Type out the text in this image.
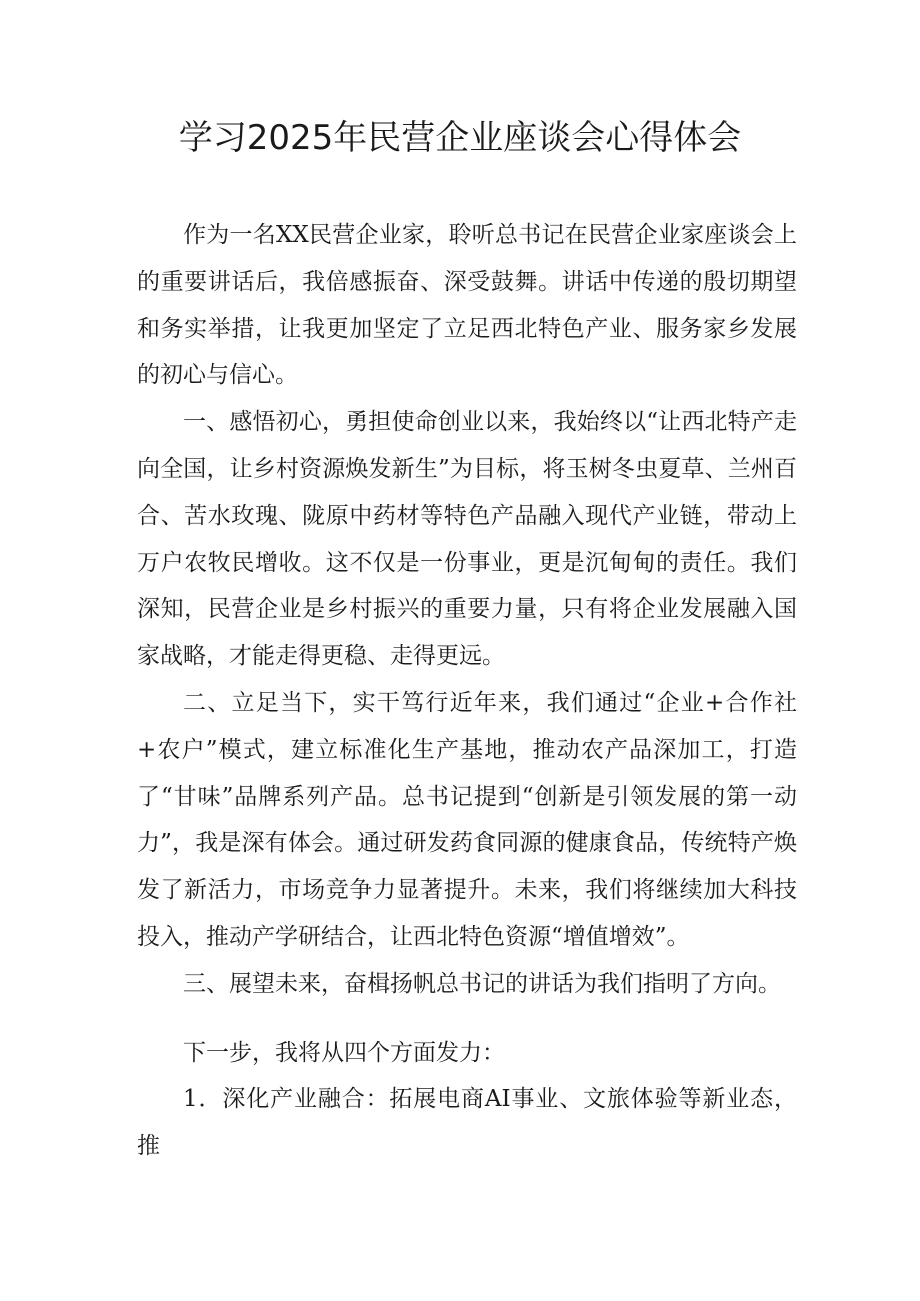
学习2025年民营企业座谈会心得体会

作为一名XX民营企业家，聆听总书记在民营企业家座谈会上的重要讲话后，我倍感振奋、深受鼓舞。讲话中传递的殷切期望和务实举措，让我更加坚定了立足西北特色产业、服务家乡发展的初心与信心。

一、感悟初心，勇担使命创业以来，我始终以“让西北特产走向全国，让乡村资源焕发新生”为目标，将玉树冬虫夏草、兰州百合、苦水玫瑰、陇原中药材等特色产品融入现代产业链，带动上万户农牧民增收。这不仅是一份事业，更是沉甸甸的责任。我们深知，民营企业是乡村振兴的重要力量，只有将企业发展融入国家战略，才能走得更稳、走得更远。

二、立足当下，实干笃行近年来，我们通过“企业+合作社+农户”模式，建立标准化生产基地，推动农产品深加工，打造了“甘味”品牌系列产品。总书记提到“创新是引领发展的第一动力”，我是深有体会。通过研发药食同源的健康食品，传统特产焕发了新活力，市场竞争力显著提升。未来，我们将继续加大科技投入，推动产学研结合，让西北特色资源“增值增效”。

三、展望未来，奋楫扬帆总书记的讲话为我们指明了方向。

下一步，我将从四个方面发力：

1．深化产业融合：拓展电商AI事业、文旅体验等新业态，推
